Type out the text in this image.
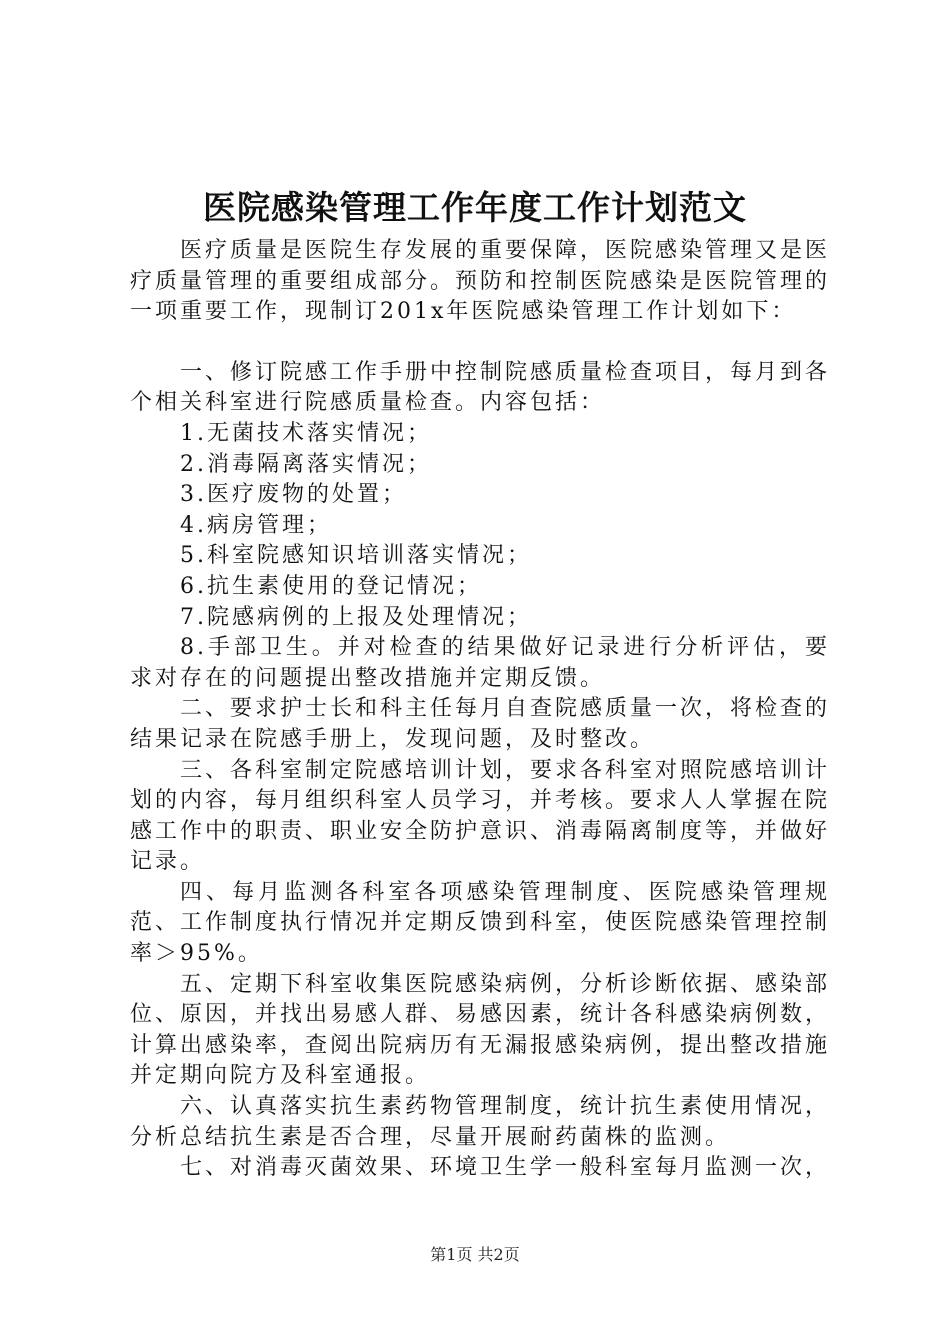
医院感染管理工作年度工作计划范文

医疗质量是医院生存发展的重要保障，医院感染管理又是医疗质量管理的重要组成部分。预防和控制医院感染是医院管理的一项重要工作，现制订201x年医院感染管理工作计划如下：

一、修订院感工作手册中控制院感质量检查项目，每月到各个相关科室进行院感质量检查。内容包括：

1.无菌技术落实情况；

2.消毒隔离落实情况；

3.医疗废物的处置；

4.病房管理；

5.科室院感知识培训落实情况；

6.抗生素使用的登记情况；

7.院感病例的上报及处理情况；

8.手部卫生。并对检查的结果做好记录进行分析评估，要求对存在的问题提出整改措施并定期反馈。

二、要求护士长和科主任每月自查院感质量一次，将检查的结果记录在院感手册上，发现问题，及时整改。

三、各科室制定院感培训计划，要求各科室对照院感培训计划的内容，每月组织科室人员学习，并考核。要求人人掌握在院感工作中的职责、职业安全防护意识、消毒隔离制度等，并做好记录。

四、每月监测各科室各项感染管理制度、医院感染管理规范、工作制度执行情况并定期反馈到科室，使医院感染管理控制率＞95%。

五、定期下科室收集医院感染病例，分析诊断依据、感染部位、原因，并找出易感人群、易感因素，统计各科感染病例数，计算出感染率，查阅出院病历有无漏报感染病例，提出整改措施并定期向院方及科室通报。

六、认真落实抗生素药物管理制度，统计抗生素使用情况，分析总结抗生素是否合理，尽量开展耐药菌株的监测。

七、对消毒灭菌效果、环境卫生学一般科室每月监测一次，

第1页 共2页
